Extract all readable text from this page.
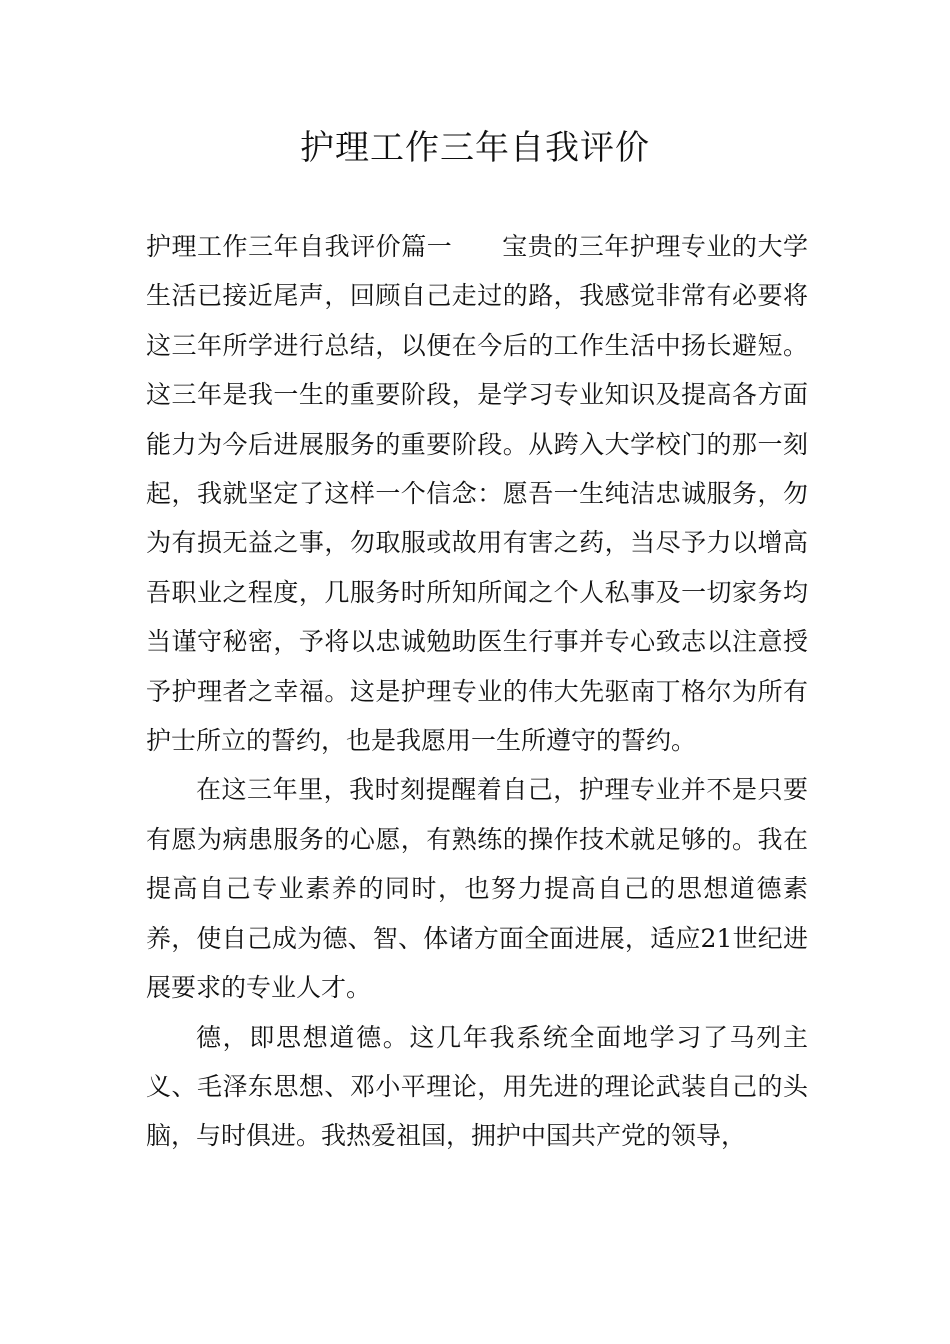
护理工作三年自我评价

护理工作三年自我评价篇一 宝贵的三年护理专业的大学生活已接近尾声，回顾自己走过的路，我感觉非常有必要将这三年所学进行总结，以便在今后的工作生活中扬长避短。 这三年是我一生的重要阶段，是学习专业知识及提高各方面能力为今后进展服务的重要阶段。从跨入大学校门的那一刻起，我就坚定了这样一个信念：愿吾一生纯洁忠诚服务，勿为有损无益之事，勿取服或故用有害之药，当尽予力以增高吾职业之程度，几服务时所知所闻之个人私事及一切家务均当谨守秘密，予将以忠诚勉助医生行事并专心致志以注意授予护理者之幸福。这是护理专业的伟大先驱南丁格尔为所有护士所立的誓约，也是我愿用一生所遵守的誓约。

在这三年里，我时刻提醒着自己，护理专业并不是只要有愿为病患服务的心愿，有熟练的操作技术就足够的。我在提高自己专业素养的同时，也努力提高自己的思想道德素养，使自己成为德、智、体诸方面全面进展，适应21世纪进展要求的专业人才。

德，即思想道德。这几年我系统全面地学习了马列主义、毛泽东思想、邓小平理论，用先进的理论武装自己的头脑，与时俱进。我热爱祖国，拥护中国共产党的领导，
